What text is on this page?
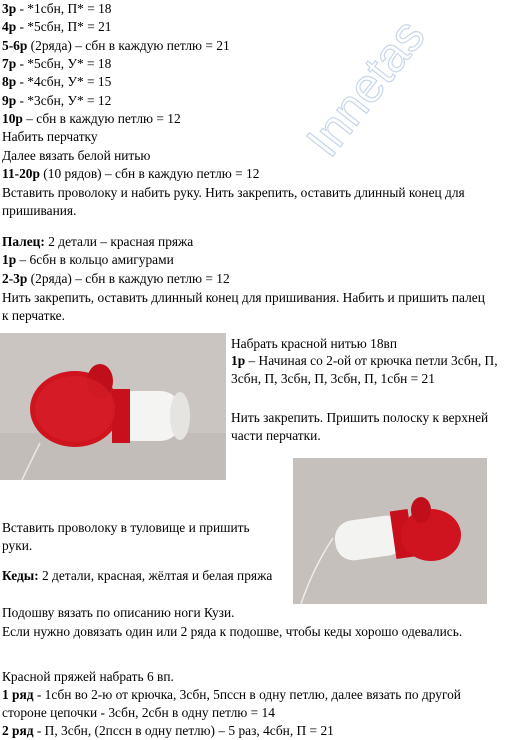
3р - *1сбн, П* = 18
4р - *5сбн, П* = 21
5-6р (2ряда) – сбн в каждую петлю = 21
7р - *5сбн, У* = 18
8р - *4сбн, У* = 15
9р - *3сбн, У* = 12
10р – сбн в каждую петлю = 12
Набить перчатку
Далее вязать белой нитью
11-20р (10 рядов) – сбн в каждую петлю = 12
Вставить проволоку и набить руку. Нить закрепить, оставить длинный конец для пришивания.
Палец: 2 детали – красная пряжа
1р – 6сбн в кольцо амигурами
2-3р (2ряда) – сбн в каждую петлю = 12
Нить закрепить, оставить длинный конец для пришивания. Набить и пришить палец к перчатке.
Набрать красной нитью 18вп
1р – Начиная со 2-ой от крючка петли 3сбн, П, 3сбн, П, 3сбн, П, 3сбн, П, 1сбн = 21
Нить закрепить. Пришить полоску к верхней части перчатки.
Вставить проволоку в туловище и пришить руки.
Кеды: 2 детали, красная, жёлтая и белая пряжа
Подошву вязать по описанию ноги Кузи.
Если нужно довязать один или 2 ряда к подошве, чтобы кеды хорошо одевались.
Красной пряжей набрать 6 вп.
1 ряд - 1сбн во 2-ю от крючка, 3сбн, 5псcн в одну петлю, далее вязать по другой стороне цепочки - 3сбн, 2сбн в одну петлю = 14
2 ряд - П, 3сбн, (2псcн в одну петлю) – 5 раз, 4сбн, П = 21
Innetas
